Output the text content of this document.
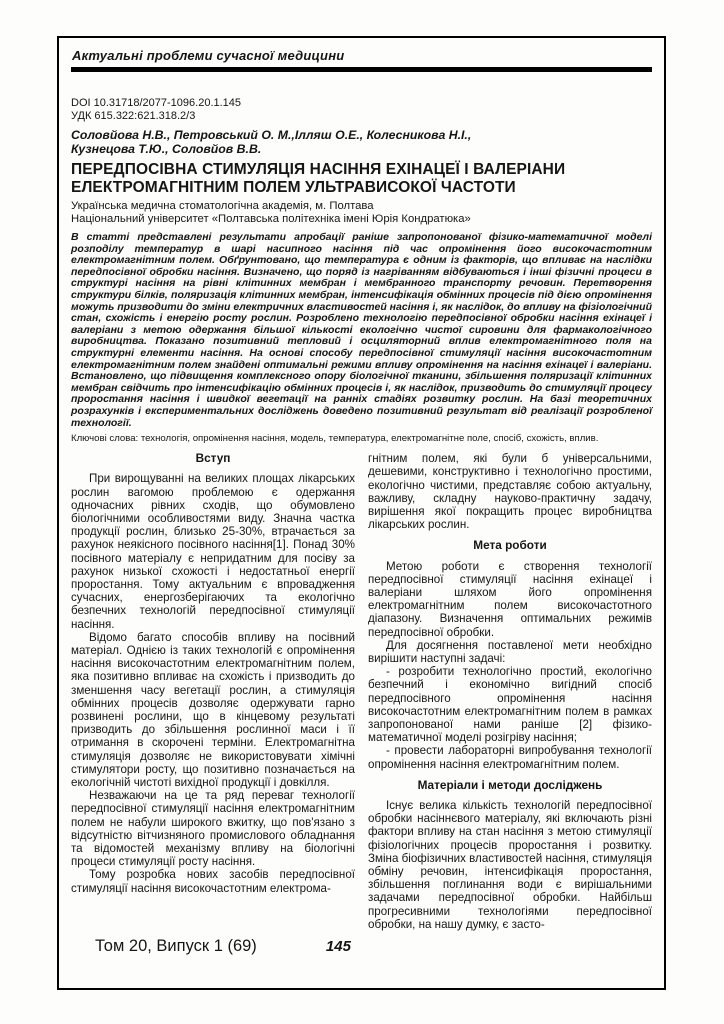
Актуальні проблеми сучасної медицини
DOI 10.31718/2077-1096.20.1.145
УДК 615.322:621.318.2/3
Соловйова Н.В., Петровський О. М.,Ілляш О.Е., Колесникова Н.І.,
Кузнецова Т.Ю., Соловйов В.В.
ПЕРЕДПОСІВНА СТИМУЛЯЦІЯ НАСІННЯ ЕХІНАЦЕЇ І ВАЛЕРІАНИ
ЕЛЕКТРОМАГНІТНИМ ПОЛЕМ УЛЬТРАВИСОКОЇ ЧАСТОТИ
Українська медична стоматологічна академія, м. Полтава
Національний університет «Полтавська політехніка імені Юрія Кондратюка»
В статті представлені результати апробації раніше запропонованої фізико-математичної моделі розподілу температур в шарі насипного насіння під час опромінення його високочастотним електромагнітним полем. Обґрунтовано, що температура є одним із факторів, що впливає на наслідки передпосівної обробки насіння. Визначено, що поряд із нагріванням відбуваються і інші фізичні процеси в структурі насіння на рівні клітинних мембран і мембранного транспорту речовин. Перетворення структури білків, поляризація клітинних мембран, інтенсифікація обмінних процесів під дією опромінення можуть призводити до зміни електричних властивостей насіння і, як наслідок, до впливу на фізіологічний стан, схожість і енергію росту рослин. Розроблено технологію передпосівної обробки насіння ехінацеї і валеріани з метою одержання більшої кількості екологічно чистої сировини для фармакологічного виробництва. Показано позитивний тепловий і осциляторний вплив електромагнітного поля на структурні елементи насіння. На основі способу передпосівної стимуляції насіння високочастотним електромагнітним полем знайдені оптимальні режими впливу опромінення на насіння ехінацеї і валеріани. Встановлено, що підвищення комплексного опору біологічної тканини, збільшення поляризації клітинних мембран свідчить про інтенсифікацію обмінних процесів і, як наслідок, призводить до стимуляції процесу проростання насіння і швидкої вегетації на ранніх стадіях розвитку рослин. На базі теоретичних розрахунків і експериментальних досліджень доведено позитивний результат від реалізації розробленої технології.
Ключові слова: технологія, опромінення насіння, модель, температура, електромагнітне поле, спосіб, схожість, вплив.
Вступ

При вирощуванні на великих площах лікарських рослин вагомою проблемою є одержання одночасних рівних сходів, що обумовлено біологічними особливостями виду. Значна частка продукції рослин, близько 25-30%, втрачається за рахунок неякісного посівного насіння[1]. Понад 30% посівного матеріалу є непридатним для посіву за рахунок низької схожості і недостатньої енергії проростання. Тому актуальним є впровадження сучасних, енергозберігаючих та екологічно безпечних технологій передпосівної стимуляції насіння.

Відомо багато способів впливу на посівний матеріал. Однією із таких технологій є опромінення насіння високочастотним електромагнітним полем, яка позитивно впливає на схожість і призводить до зменшення часу вегетації рослин, а стимуляція обмінних процесів дозволяє одержувати гарно розвинені рослини, що в кінцевому результаті призводить до збільшення рослинної маси і її отримання в скорочені терміни. Електромагнітна стимуляція дозволяє не використовувати хімічні стимулятори росту, що позитивно позначається на екологічній чистоті вихідної продукції і довкілля.

Незважаючи на це та ряд переваг технології передпосівної стимуляції насіння електромагнітним полем не набули широкого вжитку, що пов'язано з відсутністю вітчизняного промислового обладнання та відомостей механізму впливу на біологічні процеси стимуляції росту насіння.

Тому розробка нових засобів передпосівної стимуляції насіння високочастотним електрома-

гнітним полем, які були б універсальними, дешевими, конструктивно і технологічно простими, екологічно чистими, представляє собою актуальну, важливу, складну науково-практичну задачу, вирішення якої покращить процес виробництва лікарських рослин.

Мета роботи

Метою роботи є створення технології передпосівної стимуляції насіння ехінацеї і валеріани шляхом його опромінення електромагнітним полем високочастотного діапазону. Визначення оптимальних режимів передпосівної обробки.

Для досягнення поставленої мети необхідно вирішити наступні задачі:

- розробити технологічно простий, екологічно безпечний і економічно вигідний спосіб передпосівного опромінення насіння високочастотним електромагнітним полем в рамках запропонованої нами раніше [2] фізико-математичної моделі розігріву насіння;

- провести лабораторні випробування технології опромінення насіння електромагнітним полем.

Матеріали і методи досліджень

Існує велика кількість технологій передпосівної обробки насіннєвого матеріалу, які включають різні фактори впливу на стан насіння з метою стимуляції фізіологічних процесів проростання і розвитку. Зміна біофізичних властивостей насіння, стимуляція обміну речовин, інтенсифікація проростання, збільшення поглинання води є вирішальними задачами передпосівної обробки. Найбільш прогресивними технологіями передпосівної обробки, на нашу думку, є засто-

Том 20, Випуск 1 (69)	145
